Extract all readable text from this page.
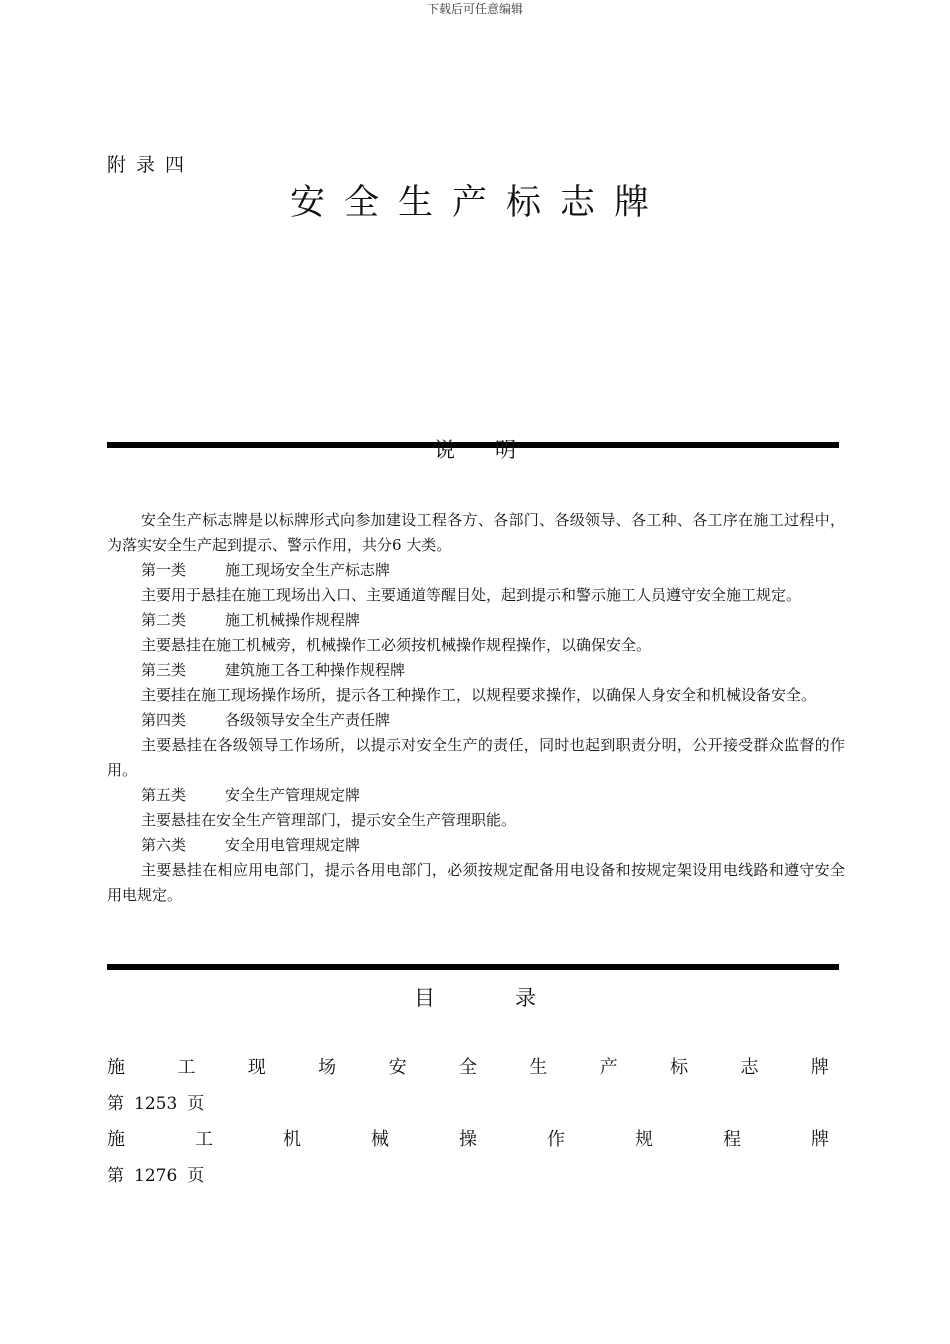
下载后可任意编辑
附录四
安全生产标志牌
说明

安全生产标志牌是以标牌形式向参加建设工程各方、各部门、各级领导、各工种、各工序在施工过程中，为落实安全生产起到提示、警示作用，共分6 大类。

第一类	施工现场安全生产标志牌

主要用于悬挂在施工现场出入口、主要通道等醒目处，起到提示和警示施工人员遵守安全施工规定。

第二类	施工机械操作规程牌

主要悬挂在施工机械旁，机械操作工必须按机械操作规程操作，以确保安全。

第三类	建筑施工各工种操作规程牌

主要挂在施工现场操作场所，提示各工种操作工，以规程要求操作，以确保人身安全和机械设备安全。

第四类	各级领导安全生产责任牌

主要悬挂在各级领导工作场所，以提示对安全生产的责任，同时也起到职责分明，公开接受群众监督的作用。

第五类	安全生产管理规定牌

主要悬挂在安全生产管理部门，提示安全生产管理职能。

第六类	安全用电管理规定牌

主要悬挂在相应用电部门，提示各用电部门，必须按规定配备用电设备和按规定架设用电线路和遵守安全用电规定。

目录
施	工	现	场	安	全	生	产	标	志	牌
第 1253 页
施	工	机	械	操	作	规	程	牌
第 1276 页
